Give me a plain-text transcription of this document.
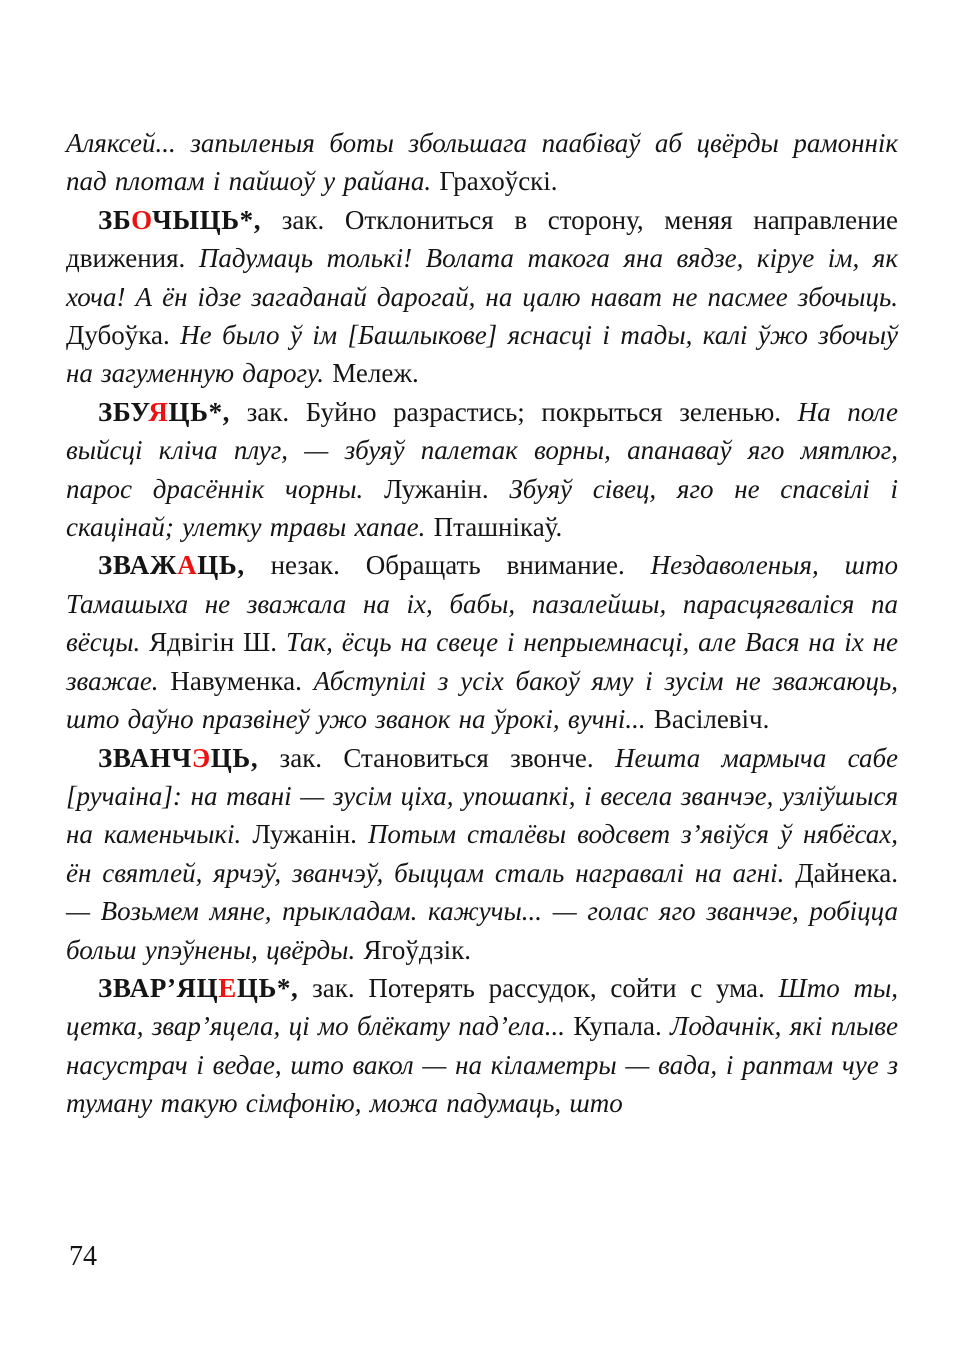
Аляксей... запыленыя боты збольшага паабіваў аб цвёрды рамоннік пад плотам і пайшоў у райана. Грахоўскі.

ЗБОЧЫЦЬ*, зак. Отклониться в сторону, меняя направление движения. Падумаць толькі! Волата такога яна вядзе, кіруе ім, як хоча! А ён ідзе загаданай дарогай, на цалю нават не пасмее збочыць. Дубоўка. Не было ў ім [Башлыкове] яснасці і тады, калі ўжо збочыў на загуменную дарогу. Мележ.

ЗБУЯЦЬ*, зак. Буйно разрастись; покрыться зеленью. На поле выйсці кліча плуг, — збуяў палетак ворны, апанаваў яго мятлюг, парос драсённік чорны. Лужанін. Збуяў сівец, яго не спасвілі і скацінай; улетку травы хапае. Пташнікаў.

ЗВАЖАЦЬ, незак. Обращать внимание. Нездаволеныя, што Тамашыха не зважала на іх, бабы, пазалейшы, парасцягваліся па вёсцы. Ядвігін Ш. Так, ёсць на свеце і непрыемнасці, але Вася на іх не зважае. Навуменка. Абступілі з усіх бакоў яму і зусім не зважаюць, што даўно празвінеў ужо званок на ўрокі, вучні... Васілевіч.

ЗВАНЧЭЦЬ, зак. Становиться звонче. Нешта мармыча сабе [ручаіна]: на твані — зусім ціха, упошапкі, і весела званчэе, узліўшыся на каменьчыкі. Лужанін. Потым сталёвы водсвет з’явіўся ў нябёсах, ён святлей, ярчэў, званчэў, быццам сталь награвалі на агні. Дайнека. — Возьмем мяне, прыкладам. кажучы... — голас яго званчэе, робіцца больш упэўнены, цвёрды. Ягоўдзік.

ЗВАР’ЯЦЕЦЬ*, зак. Потерять рассудок, сойти с ума. Што ты, цетка, звар’яцела, ці мо блёкату пад’ела... Купала. Лодачнік, які плыве насустрач і ведае, што вакол — на кіламетры — вада, і раптам чуе з туману такую сімфонію, можа падумаць, што

74
